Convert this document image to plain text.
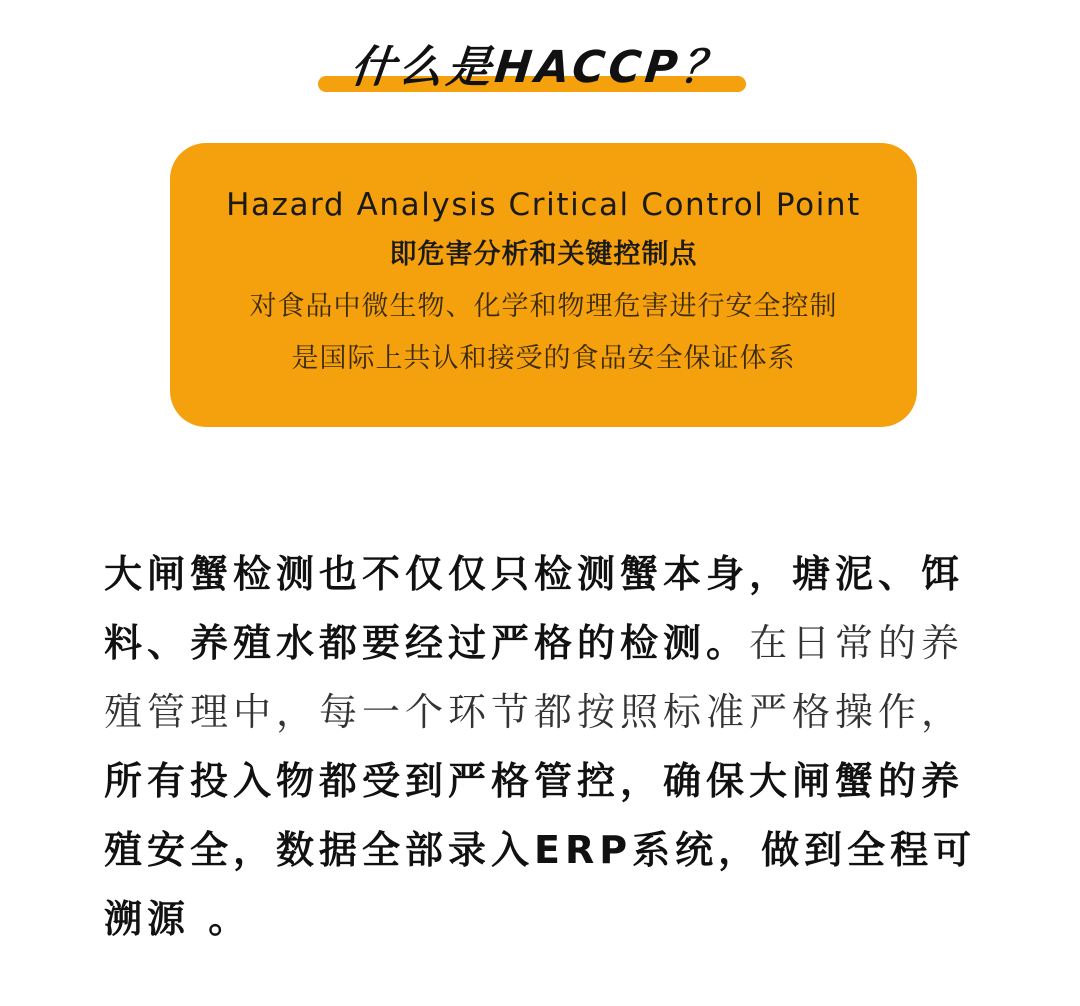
什么是HACCP？
Hazard Analysis Critical Control Point
即危害分析和关键控制点
对食品中微生物、化学和物理危害进行安全控制
是国际上共认和接受的食品安全保证体系
大闸蟹检测也不仅仅只检测蟹本身，塘泥、饵料、养殖水都要经过严格的检测。在日常的养殖管理中，每一个环节都按照标准严格操作，所有投入物都受到严格管控，确保大闸蟹的养殖安全，数据全部录入ERP系统，做到全程可溯源 。
